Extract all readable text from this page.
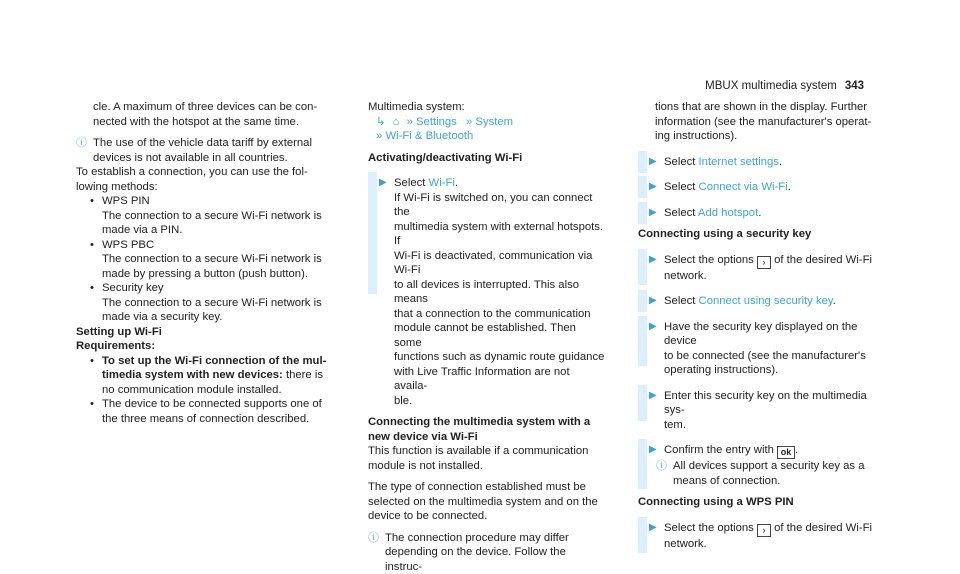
MBUX multimedia system 343

cle. A maximum of three devices can be con-
nected with the hotspot at the same time.

ⓘ The use of the vehicle data tariff by external
devices is not available in all countries.

To establish a connection, you can use the fol-
lowing methods:

• WPS PIN
The connection to a secure Wi-Fi network is
made via a PIN.
• WPS PBC
The connection to a secure Wi-Fi network is
made by pressing a button (push button).
• Security key
The connection to a secure Wi-Fi network is
made via a security key.

Setting up Wi-Fi

Requirements:

• To set up the Wi-Fi connection of the mul-
timedia system with new devices: there is
no communication module installed.
• The device to be connected supports one of
the three means of connection described.

Multimedia system:

↳ ⌂ » Settings » System
» Wi-Fi & Bluetooth

Activating/deactivating Wi-Fi

▶ Select Wi-Fi.
If Wi-Fi is switched on, you can connect the
multimedia system with external hotspots. If
Wi-Fi is deactivated, communication via Wi-Fi
to all devices is interrupted. This also means
that a connection to the communication
module cannot be established. Then some
functions such as dynamic route guidance
with Live Traffic Information are not availa-
ble.

Connecting the multimedia system with a
new device via Wi-Fi

This function is available if a communication
module is not installed.

The type of connection established must be
selected on the multimedia system and on the
device to be connected.

ⓘ The connection procedure may differ
depending on the device. Follow the instruc-

tions that are shown in the display. Further
information (see the manufacturer's operat-
ing instructions).

▶ Select Internet settings.
▶ Select Connect via Wi-Fi.
▶ Select Add hotspot.

Connecting using a security key

▶ Select the options › of the desired Wi-Fi
network.
▶ Select Connect using security key.
▶ Have the security key displayed on the device
to be connected (see the manufacturer's
operating instructions).
▶ Enter this security key on the multimedia sys-
tem.
▶ Confirm the entry with ok .
ⓘ All devices support a security key as a
means of connection.

Connecting using a WPS PIN

▶ Select the options › of the desired Wi-Fi
network.
